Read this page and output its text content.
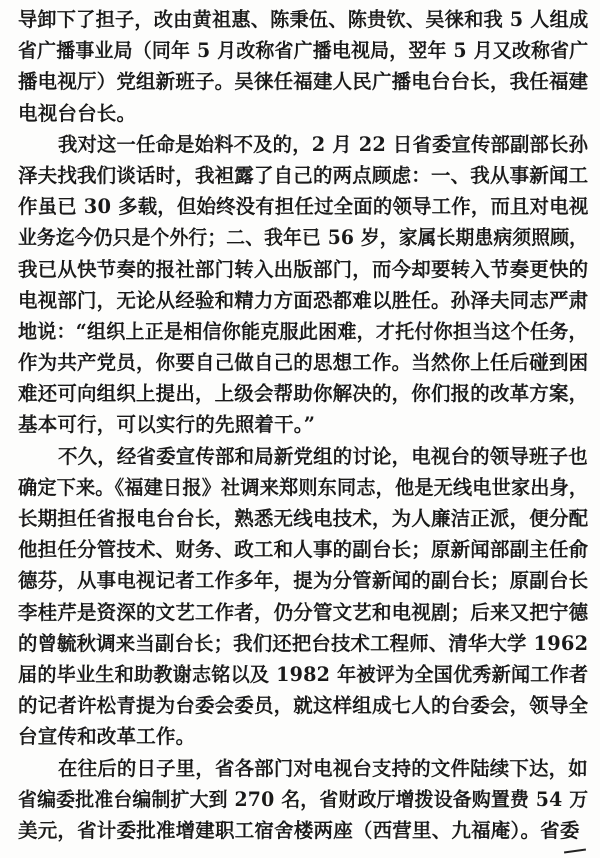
导卸下了担子，改由黄祖惠、陈秉伍、陈贵钦、吴徕和我 5 人组成
省广播事业局（同年 5 月改称省广播电视局，翌年 5 月又改称省广
播电视厅）党组新班子。吴徕任福建人民广播电台台长，我任福建
电视台台长。
我对这一任命是始料不及的，2 月 22 日省委宣传部副部长孙
泽夫找我们谈话时，我袒露了自己的两点顾虑：一、我从事新闻工
作虽已 30 多载，但始终没有担任过全面的领导工作，而且对电视
业务迄今仍只是个外行；二、我年已 56 岁，家属长期患病须照顾，
我已从快节奏的报社部门转入出版部门，而今却要转入节奏更快的
电视部门，无论从经验和精力方面恐都难以胜任。孙泽夫同志严肃
地说：“组织上正是相信你能克服此困难，才托付你担当这个任务，
作为共产党员，你要自己做自己的思想工作。当然你上任后碰到困
难还可向组织上提出，上级会帮助你解决的，你们报的改革方案，
基本可行，可以实行的先照着干。”
不久，经省委宣传部和局新党组的讨论，电视台的领导班子也
确定下来。《福建日报》社调来郑则东同志，他是无线电世家出身，
长期担任省报电台台长，熟悉无线电技术，为人廉洁正派，便分配
他担任分管技术、财务、政工和人事的副台长；原新闻部副主任俞
德芬，从事电视记者工作多年，提为分管新闻的副台长；原副台长
李桂芹是资深的文艺工作者，仍分管文艺和电视剧；后来又把宁德
的曾毓秋调来当副台长；我们还把台技术工程师、清华大学 1962
届的毕业生和助教谢志铭以及 1982 年被评为全国优秀新闻工作者
的记者许松青提为台委会委员，就这样组成七人的台委会，领导全
台宣传和改革工作。
在往后的日子里，省各部门对电视台支持的文件陆续下达，如
省编委批准台编制扩大到 270 名，省财政厅增拨设备购置费 54 万
美元，省计委批准增建职工宿舍楼两座（西营里、九福庵）。省委
